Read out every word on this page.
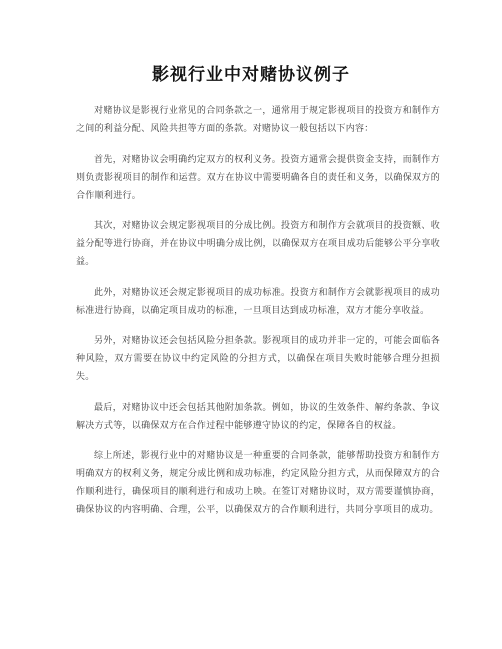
影视行业中对赌协议例子

对赌协议是影视行业常见的合同条款之一，通常用于规定影视项目的投资方和制作方之间的利益分配、风险共担等方面的条款。对赌协议一般包括以下内容：

首先，对赌协议会明确约定双方的权利义务。投资方通常会提供资金支持，而制作方则负责影视项目的制作和运营。双方在协议中需要明确各自的责任和义务，以确保双方的合作顺利进行。

其次，对赌协议会规定影视项目的分成比例。投资方和制作方会就项目的投资额、收益分配等进行协商，并在协议中明确分成比例，以确保双方在项目成功后能够公平分享收益。

此外，对赌协议还会规定影视项目的成功标准。投资方和制作方会就影视项目的成功标准进行协商，以确定项目成功的标准，一旦项目达到成功标准，双方才能分享收益。

另外，对赌协议还会包括风险分担条款。影视项目的成功并非一定的，可能会面临各种风险，双方需要在协议中约定风险的分担方式，以确保在项目失败时能够合理分担损失。

最后，对赌协议中还会包括其他附加条款。例如，协议的生效条件、解约条款、争议解决方式等，以确保双方在合作过程中能够遵守协议的约定，保障各自的权益。

综上所述，影视行业中的对赌协议是一种重要的合同条款，能够帮助投资方和制作方明确双方的权利义务，规定分成比例和成功标准，约定风险分担方式，从而保障双方的合作顺利进行，确保项目的顺利进行和成功上映。在签订对赌协议时，双方需要谨慎协商，确保协议的内容明确、合理，公平，以确保双方的合作顺利进行，共同分享项目的成功。
